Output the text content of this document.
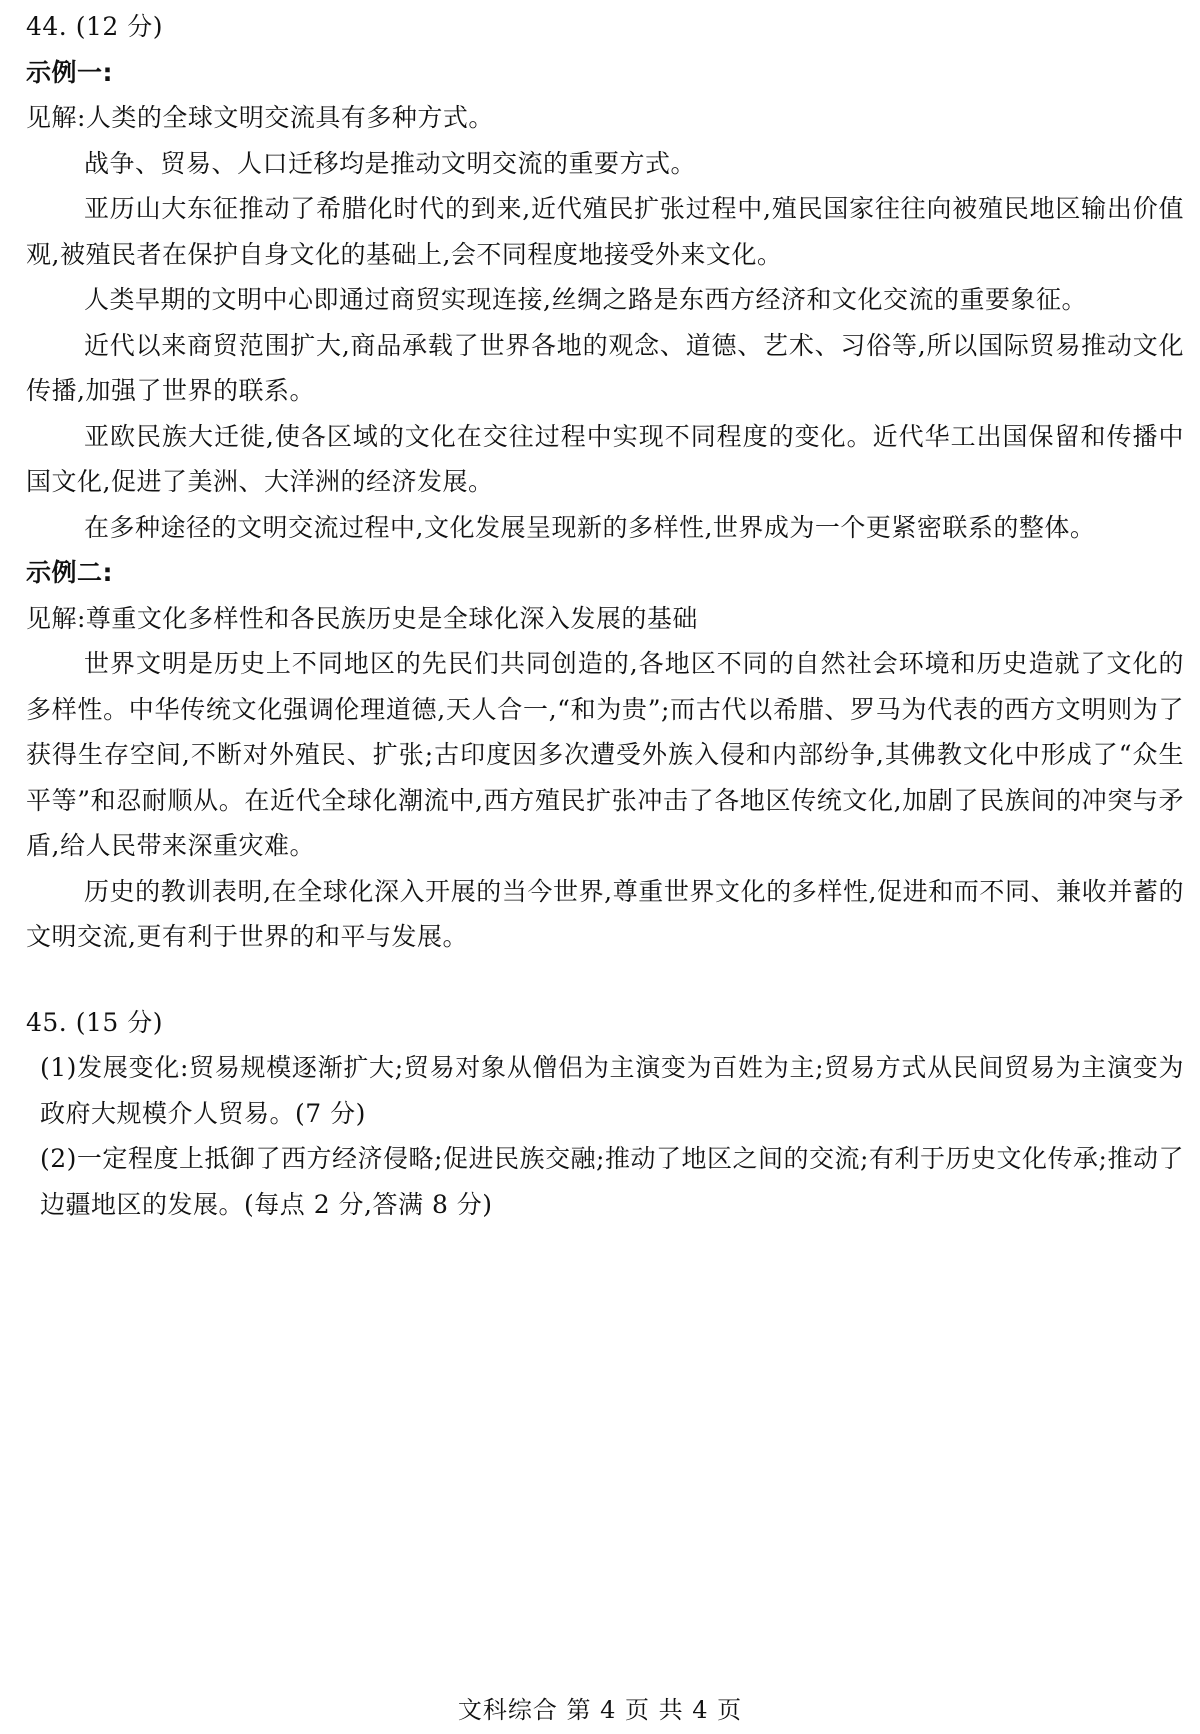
44. (12 分)

示例一:

见解:人类的全球文明交流具有多种方式。

战争、贸易、人口迁移均是推动文明交流的重要方式。

亚历山大东征推动了希腊化时代的到来,近代殖民扩张过程中,殖民国家往往向被殖民地区输出价值观,被殖民者在保护自身文化的基础上,会不同程度地接受外来文化。

人类早期的文明中心即通过商贸实现连接,丝绸之路是东西方经济和文化交流的重要象征。

近代以来商贸范围扩大,商品承载了世界各地的观念、道德、艺术、习俗等,所以国际贸易推动文化传播,加强了世界的联系。

亚欧民族大迁徙,使各区域的文化在交往过程中实现不同程度的变化。近代华工出国保留和传播中国文化,促进了美洲、大洋洲的经济发展。

在多种途径的文明交流过程中,文化发展呈现新的多样性,世界成为一个更紧密联系的整体。

示例二:

见解:尊重文化多样性和各民族历史是全球化深入发展的基础

世界文明是历史上不同地区的先民们共同创造的,各地区不同的自然社会环境和历史造就了文化的多样性。中华传统文化强调伦理道德,天人合一,“和为贵”;而古代以希腊、罗马为代表的西方文明则为了获得生存空间,不断对外殖民、扩张;古印度因多次遭受外族入侵和内部纷争,其佛教文化中形成了“众生平等”和忍耐顺从。在近代全球化潮流中,西方殖民扩张冲击了各地区传统文化,加剧了民族间的冲突与矛盾,给人民带来深重灾难。

历史的教训表明,在全球化深入开展的当今世界,尊重世界文化的多样性,促进和而不同、兼收并蓄的文明交流,更有利于世界的和平与发展。

45. (15 分)

(1)发展变化:贸易规模逐渐扩大;贸易对象从僧侣为主演变为百姓为主;贸易方式从民间贸易为主演变为政府大规模介人贸易。(7 分)

(2)一定程度上抵御了西方经济侵略;促进民族交融;推动了地区之间的交流;有利于历史文化传承;推动了边疆地区的发展。(每点 2 分,答满 8 分)

文科综合 第 4 页 共 4 页
